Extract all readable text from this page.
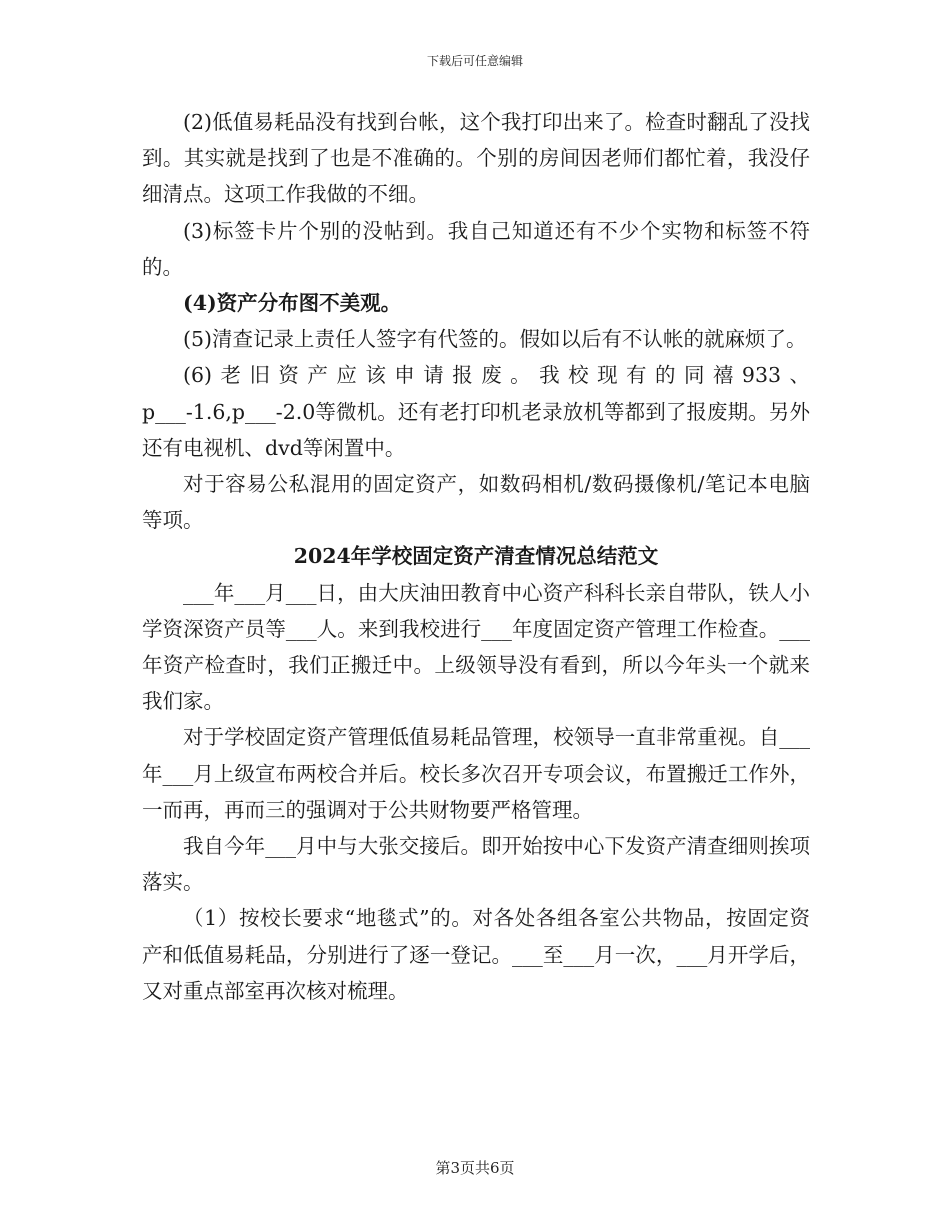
下载后可任意编辑

(2)低值易耗品没有找到台帐，这个我打印出来了。检查时翻乱了没找到。其实就是找到了也是不准确的。个别的房间因老师们都忙着，我没仔细清点。这项工作我做的不细。

(3)标签卡片个别的没帖到。我自己知道还有不少个实物和标签不符的。

(4)资产分布图不美观。

(5)清查记录上责任人签字有代签的。假如以后有不认帐的就麻烦了。

(6)老旧资产应该申请报废。我校现有的同禧933、p___-1.6,p___-2.0等微机。还有老打印机老录放机等都到了报废期。另外还有电视机、dvd等闲置中。

对于容易公私混用的固定资产，如数码相机/数码摄像机/笔记本电脑等项。

2024年学校固定资产清查情况总结范文

___年___月___日，由大庆油田教育中心资产科科长亲自带队，铁人小学资深资产员等___人。来到我校进行___年度固定资产管理工作检查。___年资产检查时，我们正搬迁中。上级领导没有看到，所以今年头一个就来我们家。

对于学校固定资产管理低值易耗品管理，校领导一直非常重视。自___年___月上级宣布两校合并后。校长多次召开专项会议，布置搬迁工作外，一而再，再而三的强调对于公共财物要严格管理。

我自今年___月中与大张交接后。即开始按中心下发资产清查细则挨项落实。

（1）按校长要求“地毯式”的。对各处各组各室公共物品，按固定资产和低值易耗品，分别进行了逐一登记。___至___月一次，___月开学后，又对重点部室再次核对梳理。

第3页共6页
